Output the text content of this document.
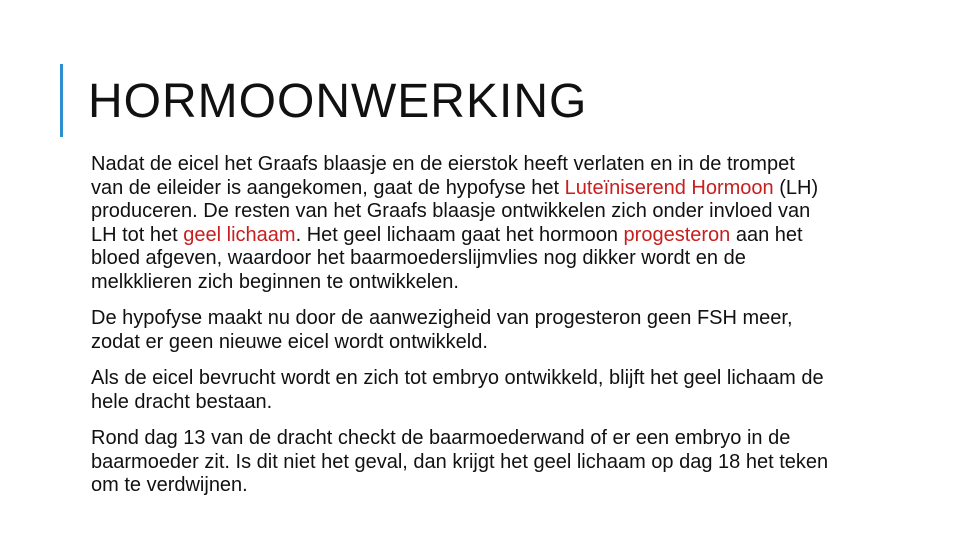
HORMOONWERKING

Nadat de eicel het Graafs blaasje en de eierstok heeft verlaten en in de trompet van de eileider is aangekomen, gaat de hypofyse het Luteïniserend Hormoon (LH) produceren. De resten van het Graafs blaasje ontwikkelen zich onder invloed van LH tot het geel lichaam. Het geel lichaam gaat het hormoon progesteron aan het bloed afgeven, waardoor het baarmoederslijmvlies nog dikker wordt en de melkklieren zich beginnen te ontwikkelen.

De hypofyse maakt nu door de aanwezigheid van progesteron geen FSH meer, zodat er geen nieuwe eicel wordt ontwikkeld.

Als de eicel bevrucht wordt en zich tot embryo ontwikkeld, blijft het geel lichaam de hele dracht bestaan.

Rond dag 13 van de dracht checkt de baarmoederwand of er een embryo in de baarmoeder zit. Is dit niet het geval, dan krijgt het geel lichaam op dag 18 het teken om te verdwijnen.
